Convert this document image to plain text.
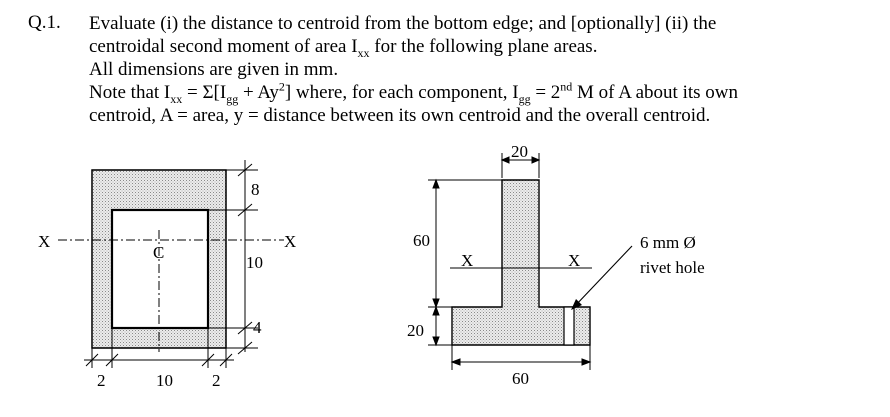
Q.1. Evaluate (i) the distance to centroid from the bottom edge; and [optionally] (ii) the
centroidal second moment of area $I_{xx}$ for the following plane areas.
All dimensions are given in mm.
Note that $I_{xx} = \Sigma[I_{gg} + Ay^2]$ where, for each component, $I_{gg} = 2nd$ M of A about its own
centroid, A = area, y = distance between its own centroid and the overall centroid.
X	X
C
8
10
4
2	10 2
20
60
20
60
X	X
6 mm Ø
rivet hole
